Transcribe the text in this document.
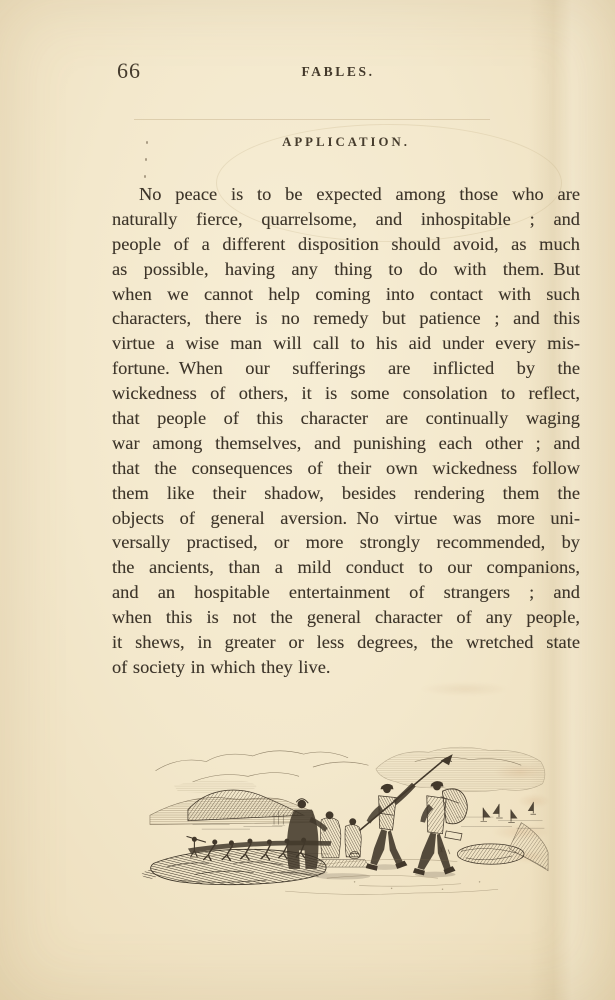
66	FABLES.
APPLICATION.
No peace is to be expected among those who are
naturally fierce, quarrelsome, and inhospitable ; and
people of a different disposition should avoid, as much
as possible, having any thing to do with them. But
when we cannot help coming into contact with such
characters, there is no remedy but patience ; and this
virtue a wise man will call to his aid under every mis-
fortune. When our sufferings are inflicted by the
wickedness of others, it is some consolation to reflect,
that people of this character are continually waging
war among themselves, and punishing each other ; and
that the consequences of their own wickedness follow
them like their shadow, besides rendering them the
objects of general aversion. No virtue was more uni-
versally practised, or more strongly recommended, by
the ancients, than a mild conduct to our companions,
and an hospitable entertainment of strangers ; and
when this is not the general character of any people,
it shews, in greater or less degrees, the wretched state
of society in which they live.
